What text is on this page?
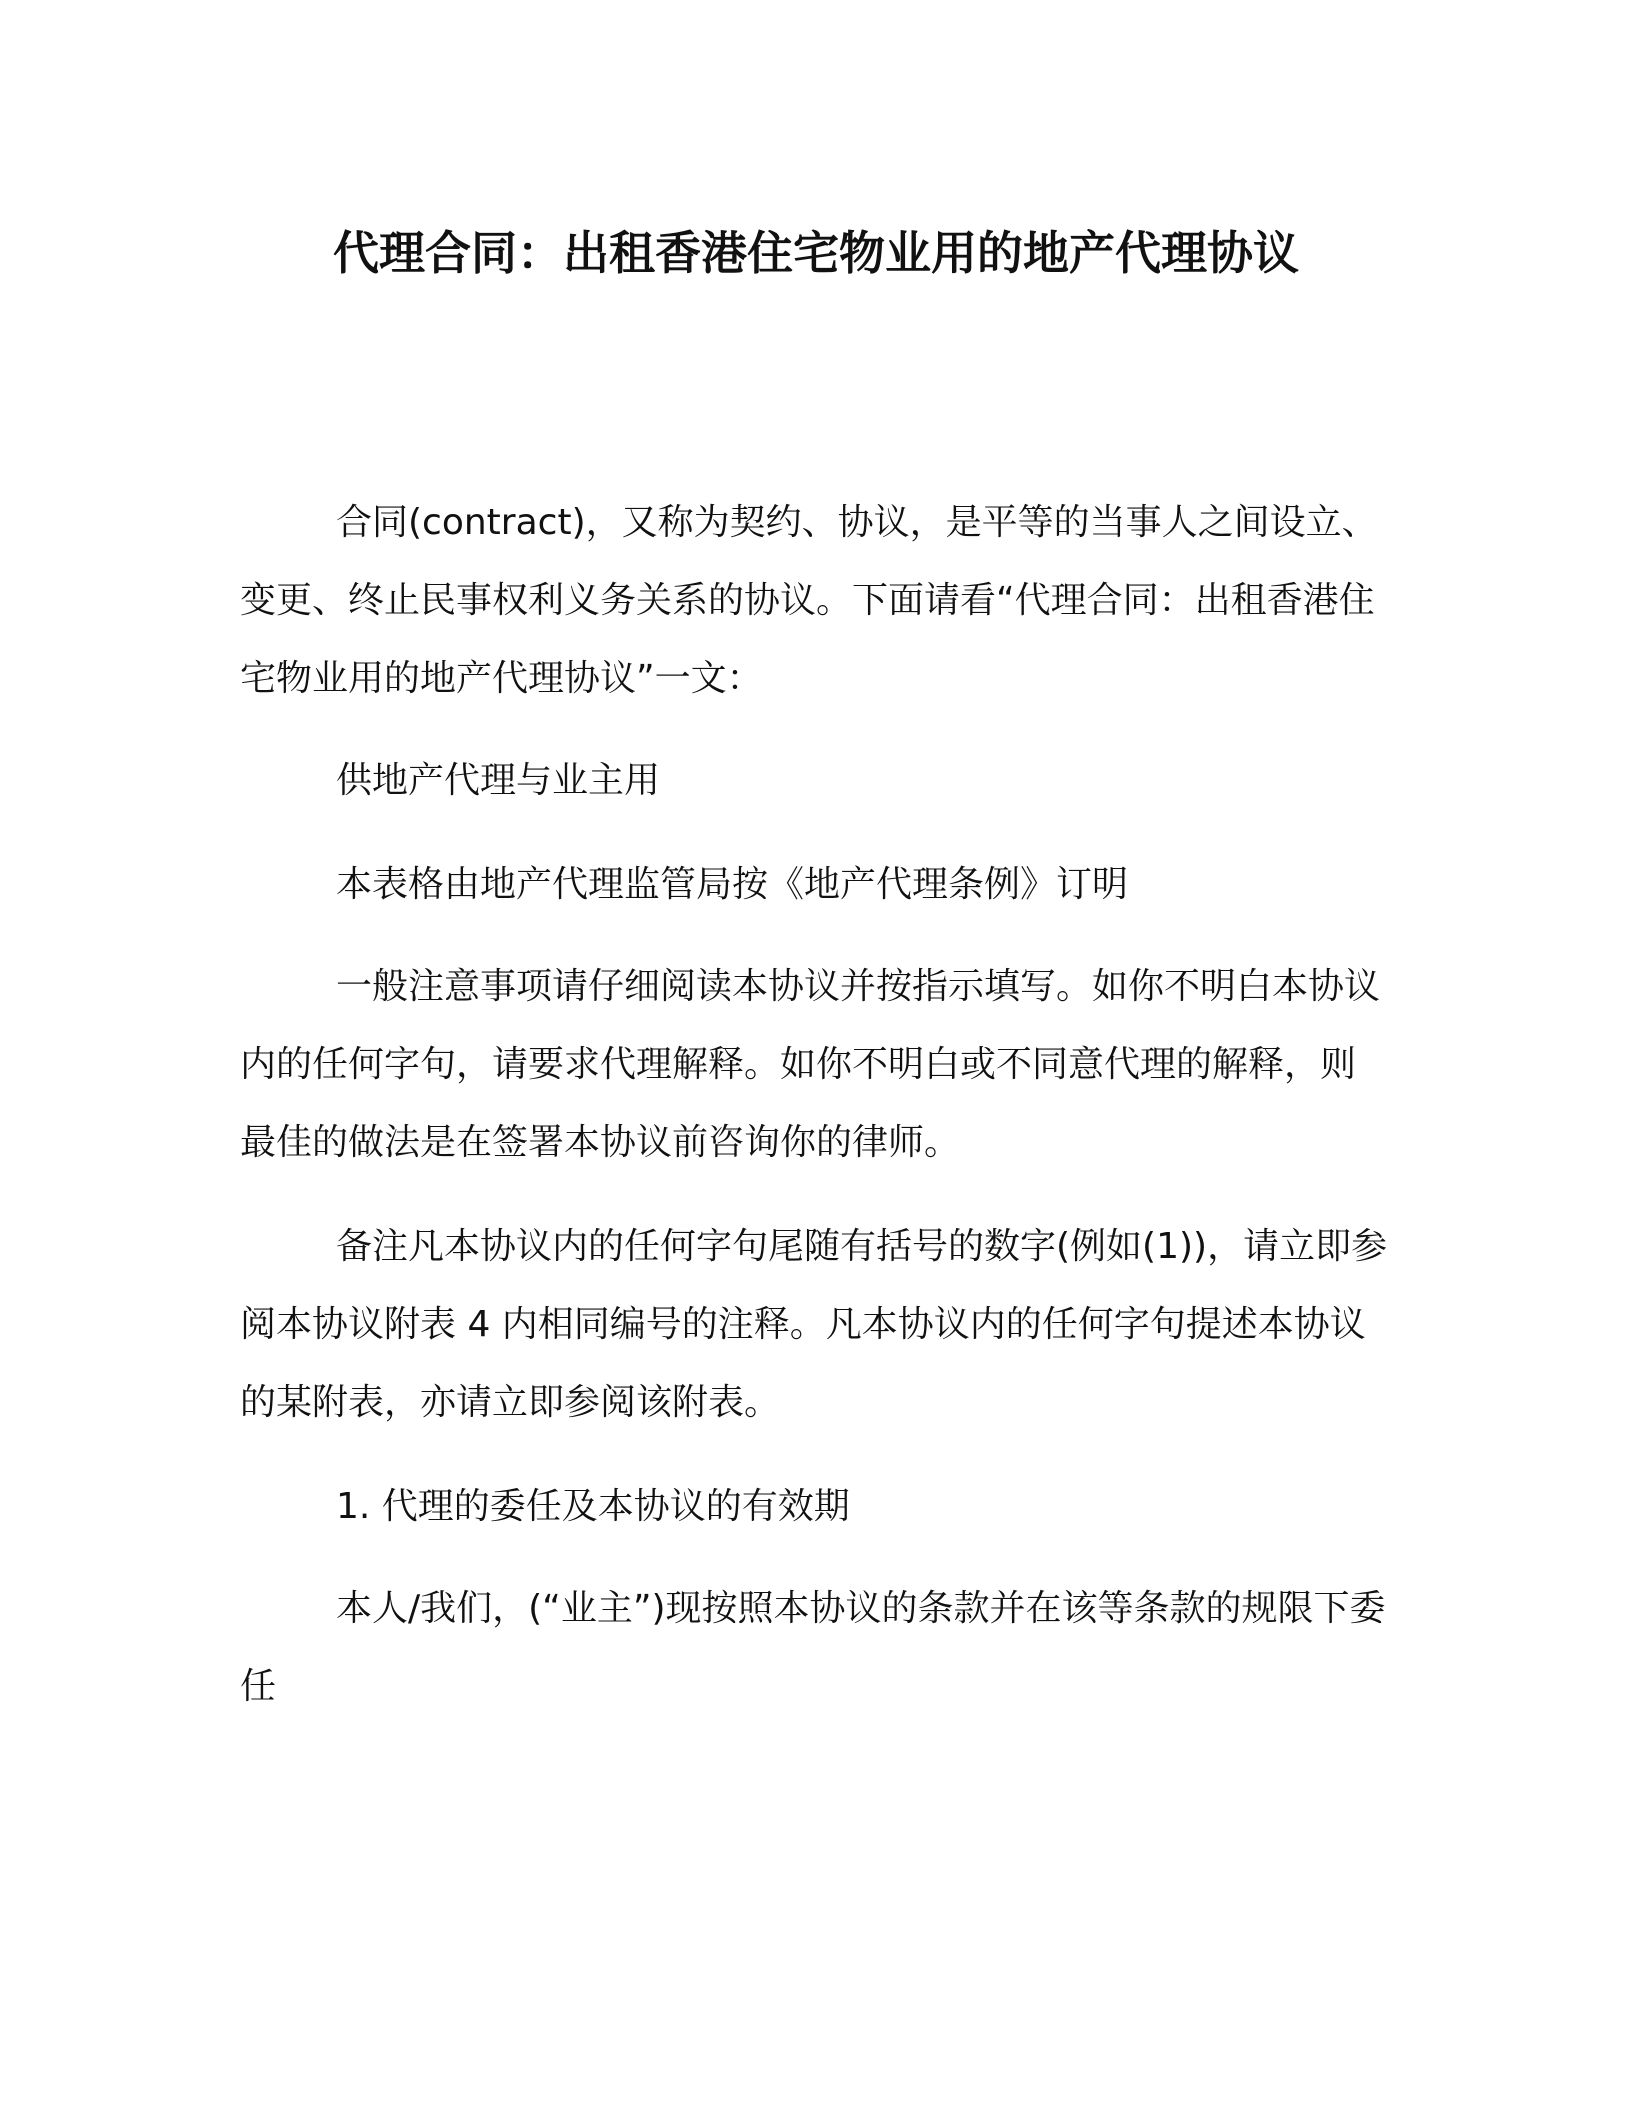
代理合同：出租香港住宅物业用的地产代理协议

合同(contract)，又称为契约、协议，是平等的当事人之间设立、变更、终止民事权利义务关系的协议。下面请看“代理合同：出租香港住宅物业用的地产代理协议”一文：

供地产代理与业主用

本表格由地产代理监管局按《地产代理条例》订明

一般注意事项请仔细阅读本协议并按指示填写。如你不明白本协议内的任何字句，请要求代理解释。如你不明白或不同意代理的解释，则最佳的做法是在签署本协议前咨询你的律师。

备注凡本协议内的任何字句尾随有括号的数字(例如(1))，请立即参阅本协议附表 4 内相同编号的注释。凡本协议内的任何字句提述本协议的某附表，亦请立即参阅该附表。

1. 代理的委任及本协议的有效期

本人/我们，(“业主”)现按照本协议的条款并在该等条款的规限下委任
